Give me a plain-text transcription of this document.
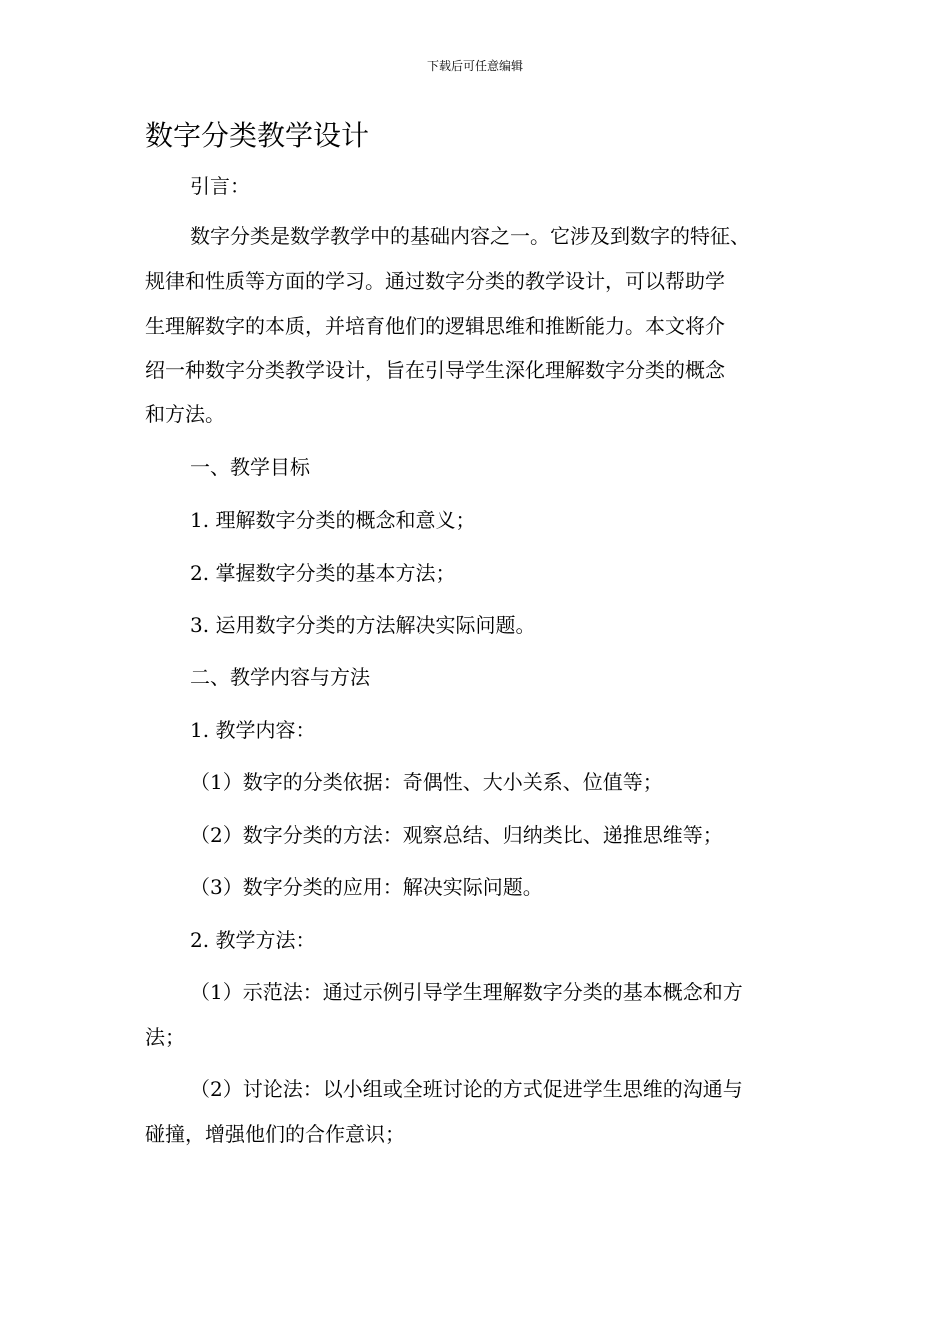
下载后可任意编辑
数字分类教学设计
引言：
数字分类是数学教学中的基础内容之一。它涉及到数字的特征、
规律和性质等方面的学习。通过数字分类的教学设计，可以帮助学
生理解数字的本质，并培育他们的逻辑思维和推断能力。本文将介
绍一种数字分类教学设计，旨在引导学生深化理解数字分类的概念
和方法。
一、教学目标
1. 理解数字分类的概念和意义；
2. 掌握数字分类的基本方法；
3. 运用数字分类的方法解决实际问题。
二、教学内容与方法
1. 教学内容：
（1）数字的分类依据：奇偶性、大小关系、位值等；
（2）数字分类的方法：观察总结、归纳类比、递推思维等；
（3）数字分类的应用：解决实际问题。
2. 教学方法：
（1）示范法：通过示例引导学生理解数字分类的基本概念和方
法；
（2）讨论法：以小组或全班讨论的方式促进学生思维的沟通与
碰撞，增强他们的合作意识；
